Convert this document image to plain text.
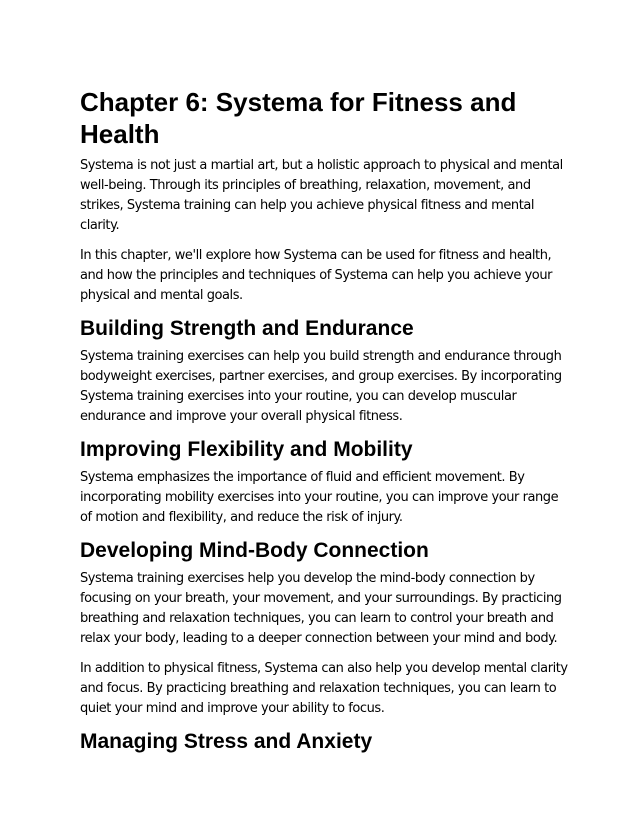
Chapter 6: Systema for Fitness and Health

Systema is not just a martial art, but a holistic approach to physical and mental well-being. Through its principles of breathing, relaxation, movement, and strikes, Systema training can help you achieve physical fitness and mental clarity.

In this chapter, we'll explore how Systema can be used for fitness and health, and how the principles and techniques of Systema can help you achieve your physical and mental goals.

Building Strength and Endurance

Systema training exercises can help you build strength and endurance through bodyweight exercises, partner exercises, and group exercises. By incorporating Systema training exercises into your routine, you can develop muscular endurance and improve your overall physical fitness.

Improving Flexibility and Mobility

Systema emphasizes the importance of fluid and efficient movement. By incorporating mobility exercises into your routine, you can improve your range of motion and flexibility, and reduce the risk of injury.

Developing Mind-Body Connection

Systema training exercises help you develop the mind-body connection by focusing on your breath, your movement, and your surroundings. By practicing breathing and relaxation techniques, you can learn to control your breath and relax your body, leading to a deeper connection between your mind and body.

In addition to physical fitness, Systema can also help you develop mental clarity and focus. By practicing breathing and relaxation techniques, you can learn to quiet your mind and improve your ability to focus.

Managing Stress and Anxiety
